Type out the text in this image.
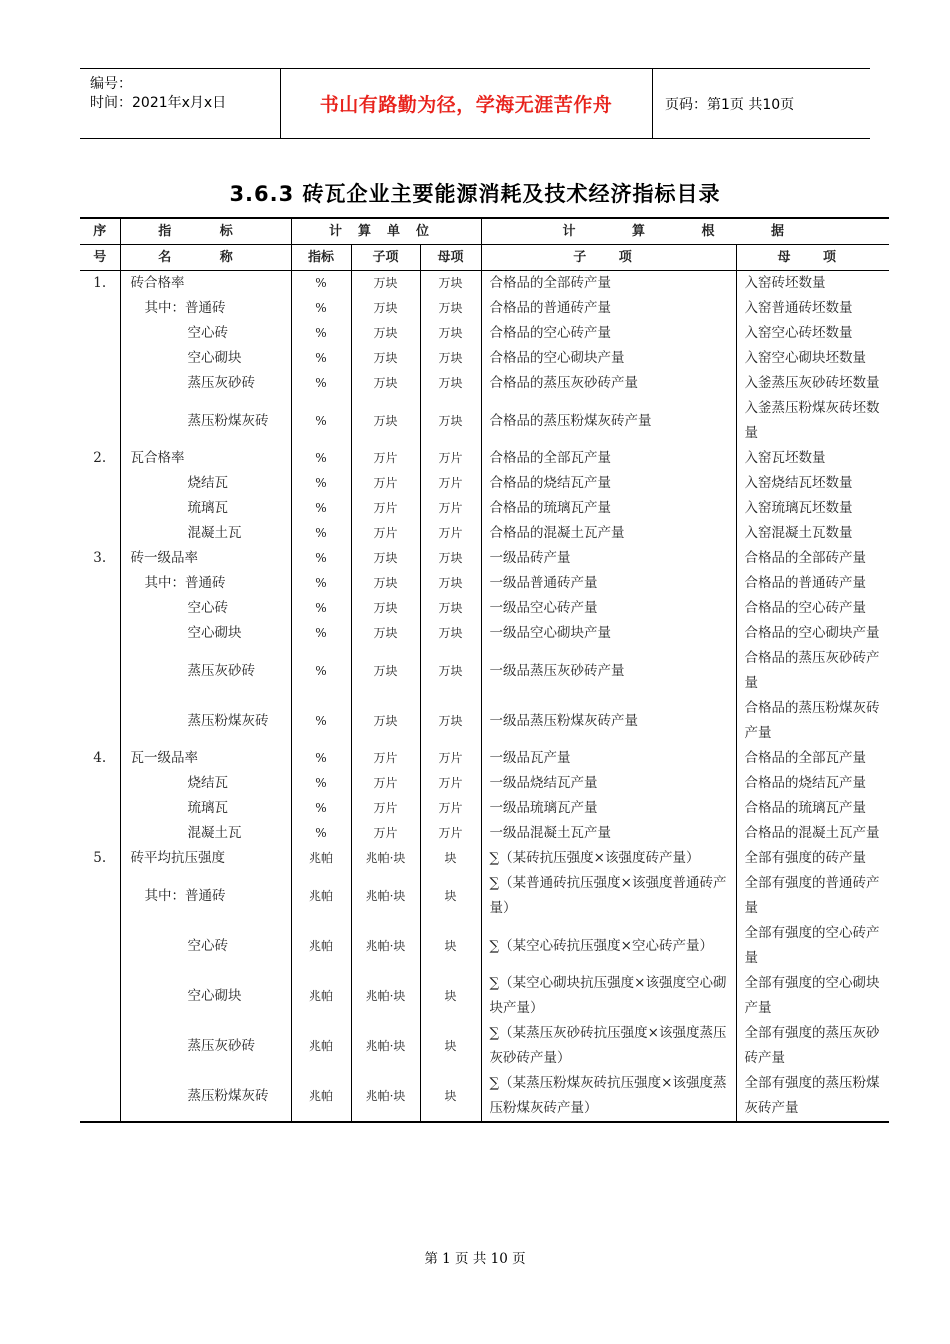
编号：
时间：2021年x月x日	书山有路勤为径，学海无涯苦作舟	页码：第1页 共10页
3.6.3 砖瓦企业主要能源消耗及技术经济指标目录
序	指 标	计算单位			计 算 根 据	
号	名 称	指标	子项	母项	子 项	母 项
1.	砖合格率	%	万块	万块	合格品的全部砖产量	入窑砖坯数量
	其中：普通砖	%	万块	万块	合格品的普通砖产量	入窑普通砖坯数量
	空心砖	%	万块	万块	合格品的空心砖产量	入窑空心砖坯数量
	空心砌块	%	万块	万块	合格品的空心砌块产量	入窑空心砌块坯数量
	蒸压灰砂砖	%	万块	万块	合格品的蒸压灰砂砖产量	入釜蒸压灰砂砖坯数量
	蒸压粉煤灰砖	%	万块	万块	合格品的蒸压粉煤灰砖产量	入釜蒸压粉煤灰砖坯数量
2.	瓦合格率	%	万片	万片	合格品的全部瓦产量	入窑瓦坯数量
	烧结瓦	%	万片	万片	合格品的烧结瓦产量	入窑烧结瓦坯数量
	琉璃瓦	%	万片	万片	合格品的琉璃瓦产量	入窑琉璃瓦坯数量
	混凝土瓦	%	万片	万片	合格品的混凝土瓦产量	入窑混凝土瓦数量
3.	砖一级品率	%	万块	万块	一级品砖产量	合格品的全部砖产量
	其中：普通砖	%	万块	万块	一级品普通砖产量	合格品的普通砖产量
	空心砖	%	万块	万块	一级品空心砖产量	合格品的空心砖产量
	空心砌块	%	万块	万块	一级品空心砌块产量	合格品的空心砌块产量
	蒸压灰砂砖	%	万块	万块	一级品蒸压灰砂砖产量	合格品的蒸压灰砂砖产量
	蒸压粉煤灰砖	%	万块	万块	一级品蒸压粉煤灰砖产量	合格品的蒸压粉煤灰砖产量
4.	瓦一级品率	%	万片	万片	一级品瓦产量	合格品的全部瓦产量
	烧结瓦	%	万片	万片	一级品烧结瓦产量	合格品的烧结瓦产量
	琉璃瓦	%	万片	万片	一级品琉璃瓦产量	合格品的琉璃瓦产量
	混凝土瓦	%	万片	万片	一级品混凝土瓦产量	合格品的混凝土瓦产量
5.	砖平均抗压强度	兆帕	兆帕·块	块	∑（某砖抗压强度×该强度砖产量）	全部有强度的砖产量
	其中：普通砖	兆帕	兆帕·块	块	∑（某普通砖抗压强度×该强度普通砖产量）	全部有强度的普通砖产量
	空心砖	兆帕	兆帕·块	块	∑（某空心砖抗压强度×空心砖产量）	全部有强度的空心砖产量
	空心砌块	兆帕	兆帕·块	块	∑（某空心砌块抗压强度×该强度空心砌块产量）	全部有强度的空心砌块产量
	蒸压灰砂砖	兆帕	兆帕·块	块	∑（某蒸压灰砂砖抗压强度×该强度蒸压灰砂砖产量）	全部有强度的蒸压灰砂砖产量
	蒸压粉煤灰砖	兆帕	兆帕·块	块	∑（某蒸压粉煤灰砖抗压强度×该强度蒸压粉煤灰砖产量）	全部有强度的蒸压粉煤灰砖产量
第 1 页 共 10 页
